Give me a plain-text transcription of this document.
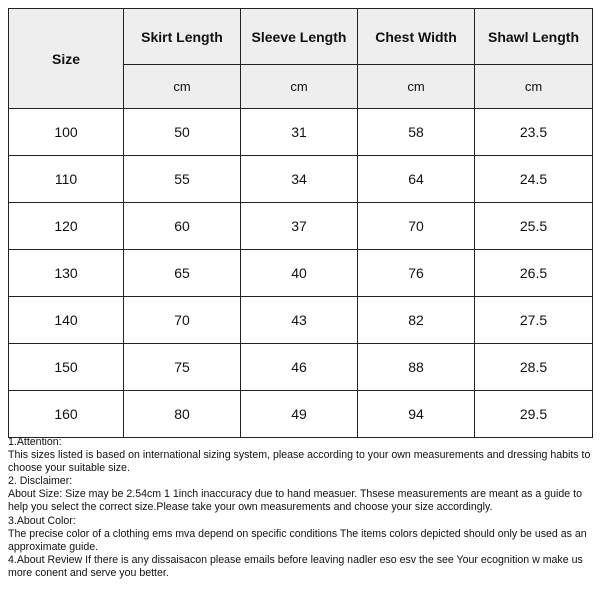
Size	Skirt Length	Sleeve Length	Chest Width	Shawl Length
	cm	cm	cm	cm
100	50	31	58	23.5
110	55	34	64	24.5
120	60	37	70	25.5
130	65	40	76	26.5
140	70	43	82	27.5
150	75	46	88	28.5
160	80	49	94	29.5

1.Attention:

This sizes listed is based on international sizing system, please according to your own measurements and dressing habits to choose your suitable size.

2. Disclaimer:

About Size: Size may be 2.54cm 1 1inch inaccuracy due to hand measuer. Thsese measurements are meant as a guide to help you select the correct size.Please take your own measurements and choose your size accordingly.

3.About Color:

The precise color of a clothing ems mva depend on specific conditions The items colors depicted should only be used as an approximate guide.

4.About Review If there is any dissaisacon please emails before leaving nadler eso esv the see Your ecognition w make us more conent and serve you better.
